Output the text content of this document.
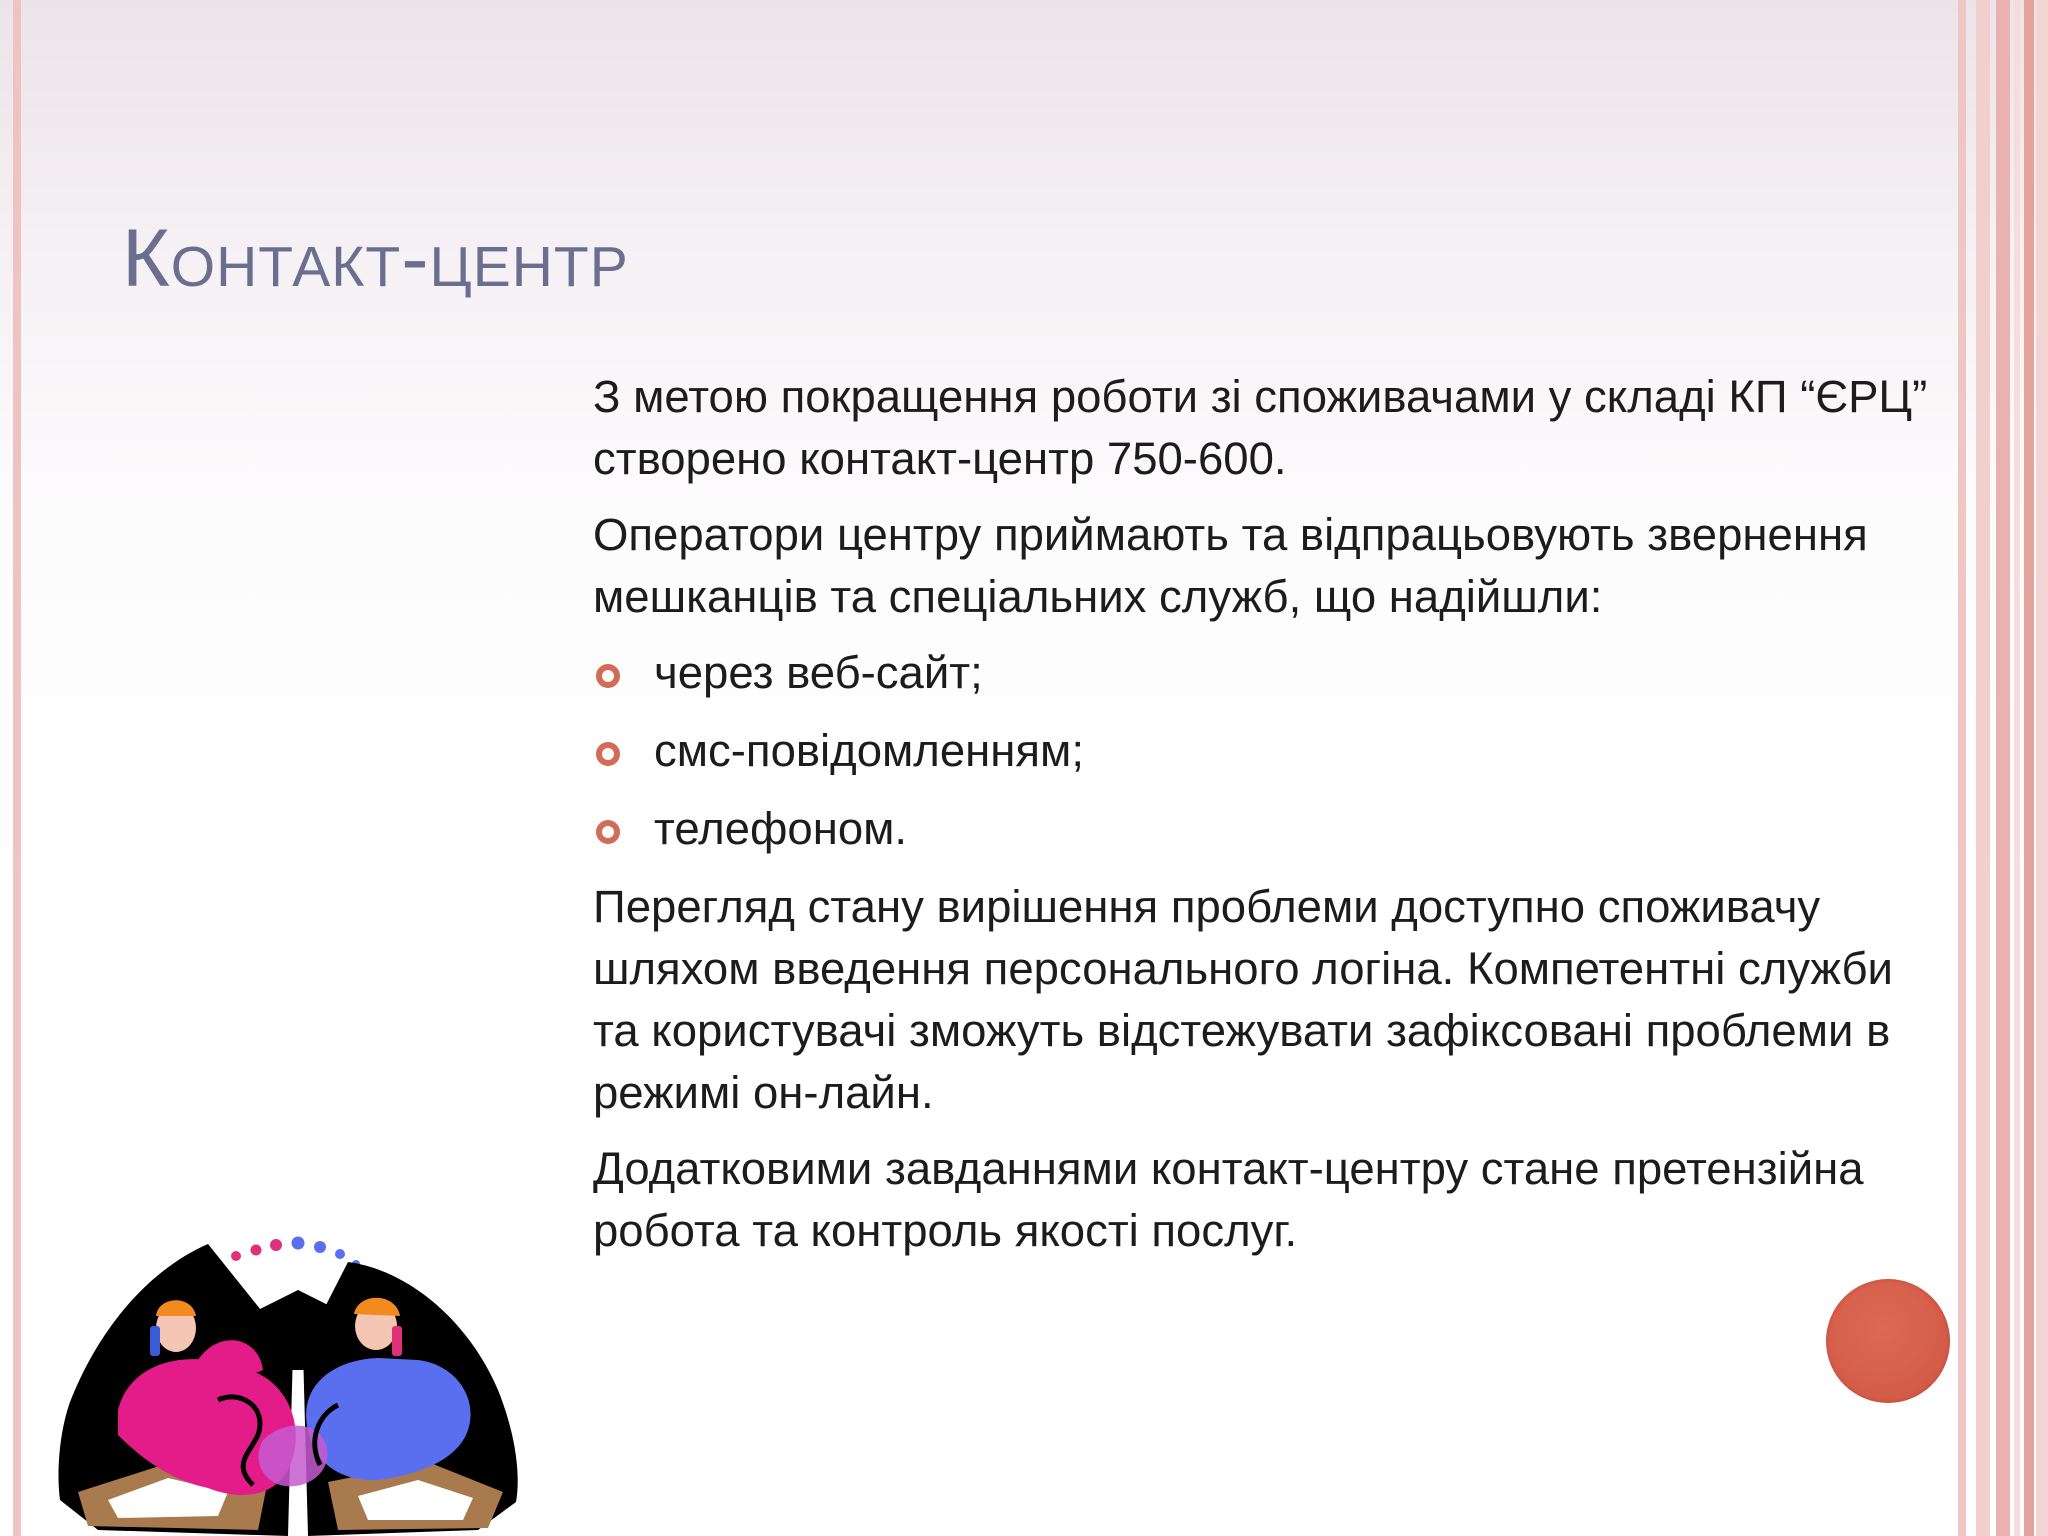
Контакт-центр

З метою покращення роботи зі споживачами у складі КП “ЄРЦ” створено контакт-центр 750-600.

Оператори центру приймають та відпрацьовують звернення мешканців та спеціальних служб, що надійшли:

через веб-сайт;
смс-повідомленням;
телефоном.

Перегляд стану вирішення проблеми доступно споживачу шляхом введення персонального логіна. Компетентні служби та користувачі зможуть відстежувати зафіксовані проблеми в режимі он-лайн.

Додатковими завданнями контакт-центру стане претензійна робота та контроль якості послуг.
